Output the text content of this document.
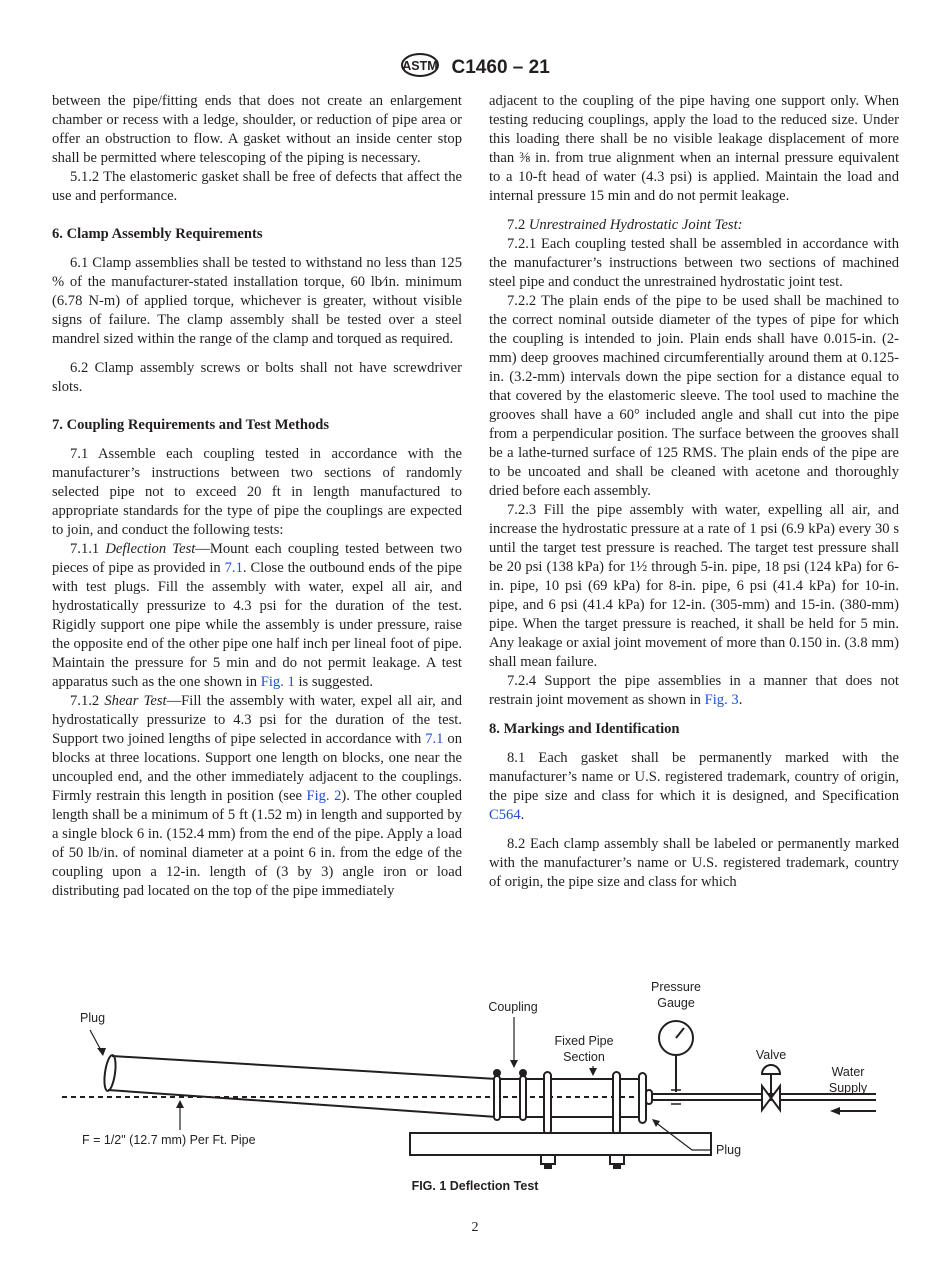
ASTM C1460 – 21

between the pipe/fitting ends that does not create an enlargement chamber or recess with a ledge, shoulder, or reduction of pipe area or offer an obstruction to flow. A gasket without an inside center stop shall be permitted where telescoping of the piping is necessary.

5.1.2 The elastomeric gasket shall be free of defects that affect the use and performance.

6. Clamp Assembly Requirements

6.1 Clamp assemblies shall be tested to withstand no less than 125 % of the manufacturer-stated installation torque, 60 lb⁄in. minimum (6.78 N-m) of applied torque, whichever is greater, without visible signs of failure. The clamp assembly shall be tested over a steel mandrel sized within the range of the clamp and torqued as required.

6.2 Clamp assembly screws or bolts shall not have screwdriver slots.

7. Coupling Requirements and Test Methods

7.1 Assemble each coupling tested in accordance with the manufacturer’s instructions between two sections of randomly selected pipe not to exceed 20 ft in length manufactured to appropriate standards for the type of pipe the couplings are expected to join, and conduct the following tests:

7.1.1 Deflection Test—Mount each coupling tested between two pieces of pipe as provided in 7.1. Close the outbound ends of the pipe with test plugs. Fill the assembly with water, expel all air, and hydrostatically pressurize to 4.3 psi for the duration of the test. Rigidly support one pipe while the assembly is under pressure, raise the opposite end of the other pipe one half inch per lineal foot of pipe. Maintain the pressure for 5 min and do not permit leakage. A test apparatus such as the one shown in Fig. 1 is suggested.

7.1.2 Shear Test—Fill the assembly with water, expel all air, and hydrostatically pressurize to 4.3 psi for the duration of the test. Support two joined lengths of pipe selected in accordance with 7.1 on blocks at three locations. Support one length on blocks, one near the uncoupled end, and the other immediately adjacent to the couplings. Firmly restrain this length in position (see Fig. 2). The other coupled length shall be a minimum of 5 ft (1.52 m) in length and supported by a single block 6 in. (152.4 mm) from the end of the pipe. Apply a load of 50 lb/in. of nominal diameter at a point 6 in. from the edge of the coupling upon a 12-in. length of (3 by 3) angle iron or load distributing pad located on the top of the pipe immediately

adjacent to the coupling of the pipe having one support only. When testing reducing couplings, apply the load to the reduced size. Under this loading there shall be no visible leakage displacement of more than ⅜ in. from true alignment when an internal pressure equivalent to a 10-ft head of water (4.3 psi) is applied. Maintain the load and internal pressure 15 min and do not permit leakage.

7.2 Unrestrained Hydrostatic Joint Test:

7.2.1 Each coupling tested shall be assembled in accordance with the manufacturer’s instructions between two sections of machined steel pipe and conduct the unrestrained hydrostatic joint test.

7.2.2 The plain ends of the pipe to be used shall be machined to the correct nominal outside diameter of the types of pipe for which the coupling is intended to join. Plain ends shall have 0.015-in. (2-mm) deep grooves machined circumferentially around them at 0.125-in. (3.2-mm) intervals down the pipe section for a distance equal to that covered by the elastomeric sleeve. The tool used to machine the grooves shall have a 60° included angle and shall cut into the pipe from a perpendicular position. The surface between the grooves shall be a lathe-turned surface of 125 RMS. The plain ends of the pipe are to be uncoated and shall be cleaned with acetone and thoroughly dried before each assembly.

7.2.3 Fill the pipe assembly with water, expelling all air, and increase the hydrostatic pressure at a rate of 1 psi (6.9 kPa) every 30 s until the target test pressure is reached. The target test pressure shall be 20 psi (138 kPa) for 1½ through 5-in. pipe, 18 psi (124 kPa) for 6-in. pipe, 10 psi (69 kPa) for 8-in. pipe, 6 psi (41.4 kPa) for 10-in. pipe, and 6 psi (41.4 kPa) for 12-in. (305-mm) and 15-in. (380-mm) pipe. When the target pressure is reached, it shall be held for 5 min. Any leakage or axial joint movement of more than 0.150 in. (3.8 mm) shall mean failure.

7.2.4 Support the pipe assemblies in a manner that does not restrain joint movement as shown in Fig. 3.

8. Markings and Identification

8.1 Each gasket shall be permanently marked with the manufacturer’s name or U.S. registered trademark, country of origin, the pipe size and class for which it is designed, and Specification C564.

8.2 Each clamp assembly shall be labeled or permanently marked with the manufacturer’s name or U.S. registered trademark, country of origin, the pipe size and class for which

Plug
Coupling
Pressure
Gauge
Fixed Pipe
Section	Valve
Water
Supply
F = 1/2" (12.7 mm) Per Ft. Pipe
Plug
FIG. 1 Deflection Test
2
